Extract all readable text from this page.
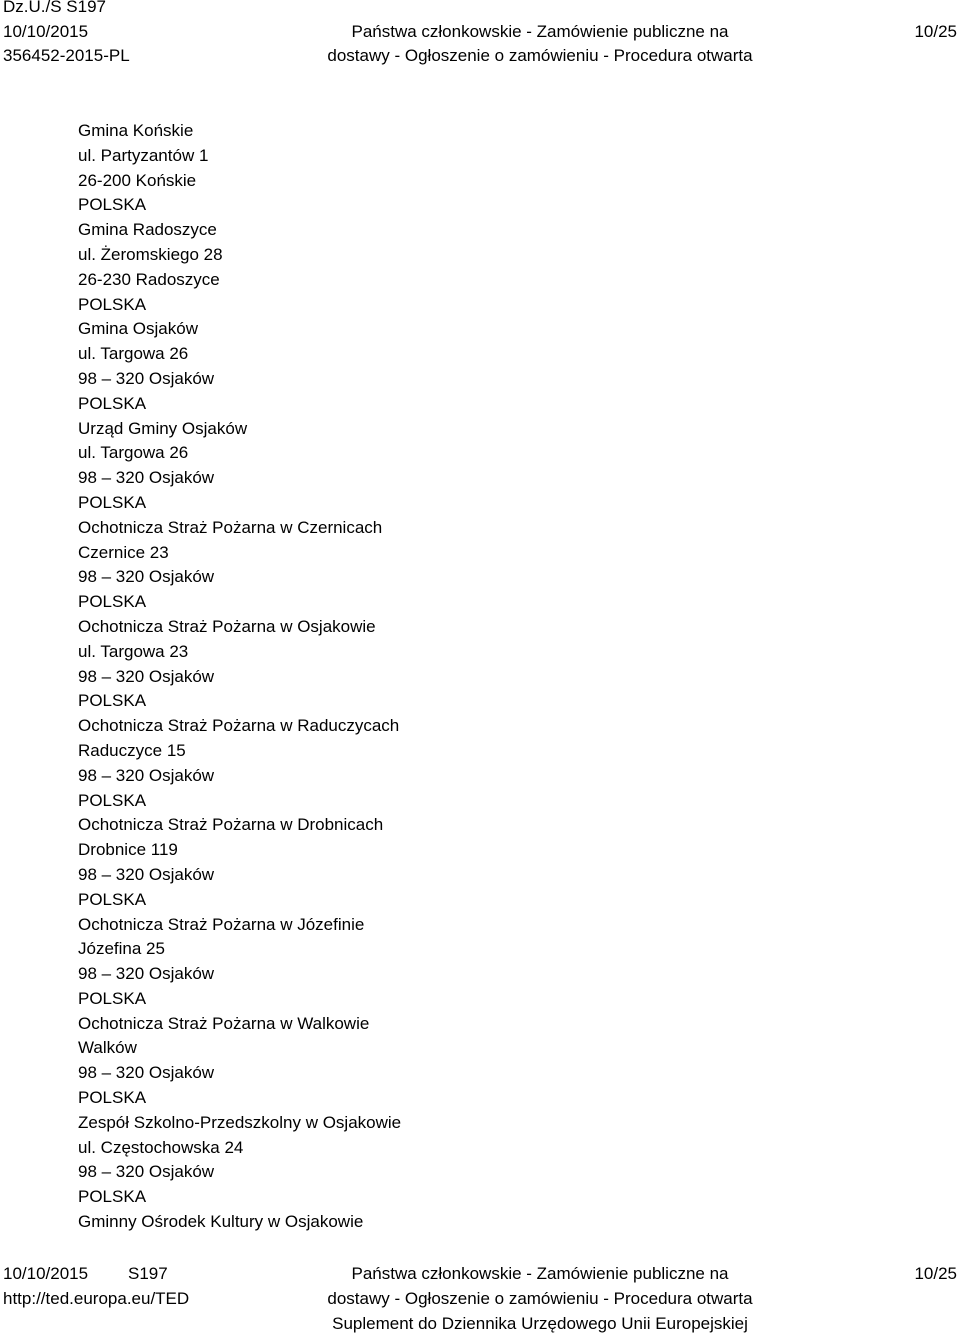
Dz.U./S S197
10/10/2015
356452-2015-PL
Państwa członkowskie - Zamówienie publiczne na
dostawy - Ogłoszenie o zamówieniu - Procedura otwarta
10/25
Gmina Końskie
ul. Partyzantów 1
26-200 Końskie
POLSKA
Gmina Radoszyce
ul. Żeromskiego 28
26-230 Radoszyce
POLSKA
Gmina Osjaków
ul. Targowa 26
98 – 320 Osjaków
POLSKA
Urząd Gminy Osjaków
ul. Targowa 26
98 – 320 Osjaków
POLSKA
Ochotnicza Straż Pożarna w Czernicach
Czernice 23
98 – 320 Osjaków
POLSKA
Ochotnicza Straż Pożarna w Osjakowie
ul. Targowa 23
98 – 320 Osjaków
POLSKA
Ochotnicza Straż Pożarna w Raduczycach
Raduczyce 15
98 – 320 Osjaków
POLSKA
Ochotnicza Straż Pożarna w Drobnicach
Drobnice 119
98 – 320 Osjaków
POLSKA
Ochotnicza Straż Pożarna w Józefinie
Józefina 25
98 – 320 Osjaków
POLSKA
Ochotnicza Straż Pożarna w Walkowie
Walków
98 – 320 Osjaków
POLSKA
Zespół Szkolno-Przedszkolny w Osjakowie
ul. Częstochowska 24
98 – 320 Osjaków
POLSKA
Gminny Ośrodek Kultury w Osjakowie
10/10/2015 S197
http://ted.europa.eu/TED
Państwa członkowskie - Zamówienie publiczne na
dostawy - Ogłoszenie o zamówieniu - Procedura otwarta
Suplement do Dziennika Urzędowego Unii Europejskiej
10/25
